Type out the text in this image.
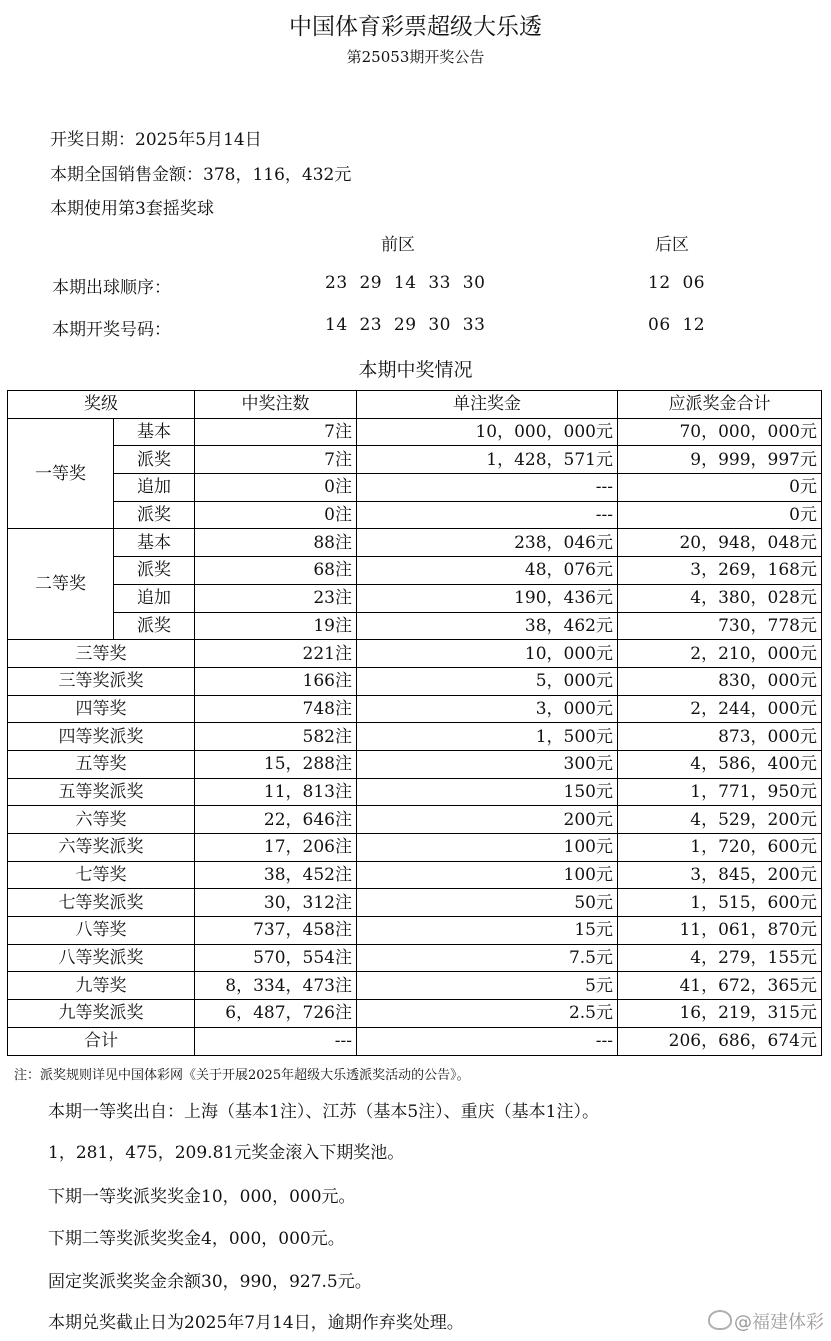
中国体育彩票超级大乐透
第25053期开奖公告
开奖日期：2025年5月14日
本期全国销售金额：378，116，432元
本期使用第3套摇奖球
前区	后区
本期出球顺序：	23  29  14  33  30	12  06
本期开奖号码：	14  23  29  30  33	06  12
本期中奖情况
奖级		中奖注数	单注奖金	应派奖金合计
一等奖	基本	7注	10，000，000元	70，000，000元
	派奖	7注	1，428，571元	9，999，997元
	追加	0注	---	0元
	派奖	0注	---	0元
二等奖	基本	88注	238，046元	20，948，048元
	派奖	68注	48，076元	3，269，168元
	追加	23注	190，436元	4，380，028元
	派奖	19注	38，462元	730，778元
三等奖		221注	10，000元	2，210，000元
三等奖派奖		166注	5，000元	830，000元
四等奖		748注	3，000元	2，244，000元
四等奖派奖		582注	1，500元	873，000元
五等奖		15，288注	300元	4，586，400元
五等奖派奖		11，813注	150元	1，771，950元
六等奖		22，646注	200元	4，529，200元
六等奖派奖		17，206注	100元	1，720，600元
七等奖		38，452注	100元	3，845，200元
七等奖派奖		30，312注	50元	1，515，600元
八等奖		737，458注	15元	11，061，870元
八等奖派奖		570，554注	7.5元	4，279，155元
九等奖		8，334，473注	5元	41，672，365元
九等奖派奖		6，487，726注	2.5元	16，219，315元
合计		---	---	206，686，674元
注：派奖规则详见中国体彩网《关于开展2025年超级大乐透派奖活动的公告》。
本期一等奖出自：上海（基本1注）、江苏（基本5注）、重庆（基本1注）。
1，281，475，209.81元奖金滚入下期奖池。
下期一等奖派奖奖金10，000，000元。
下期二等奖派奖奖金4，000，000元。
固定奖派奖奖金余额30，990，927.5元。
本期兑奖截止日为2025年7月14日，逾期作弃奖处理。	@福建体彩
